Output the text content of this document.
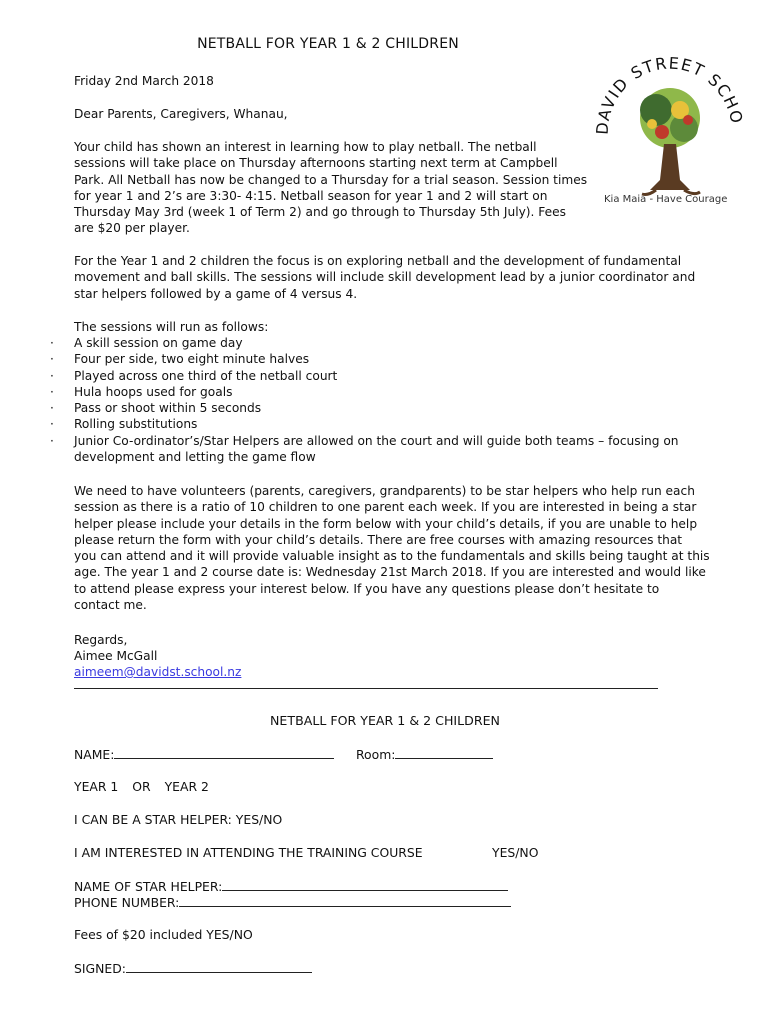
NETBALL FOR YEAR 1 & 2 CHILDREN
DAVID STREET SCHO
Kia Maia - Have Courage
Friday 2nd March 2018
Dear Parents, Caregivers, Whanau,
Your child has shown an interest in learning how to play netball. The netball
sessions will take place on Thursday afternoons starting next term at Campbell
Park. All Netball has now be changed to a Thursday for a trial season. Session times
for year 1 and 2’s are 3:30- 4:15. Netball season for year 1 and 2 will start on
Thursday May 3rd (week 1 of Term 2) and go through to Thursday 5th July). Fees
are $20 per player.
For the Year 1 and 2 children the focus is on exploring netball and the development of fundamental
movement and ball skills. The sessions will include skill development lead by a junior coordinator and
star helpers followed by a game of 4 versus 4.
The sessions will run as follows:
· A skill session on game day
· Four per side, two eight minute halves
· Played across one third of the netball court
· Hula hoops used for goals
· Pass or shoot within 5 seconds
· Rolling substitutions
· Junior Co-ordinator’s/Star Helpers are allowed on the court and will guide both teams – focusing on development and letting the game flow
We need to have volunteers (parents, caregivers, grandparents) to be star helpers who help run each
session as there is a ratio of 10 children to one parent each week. If you are interested in being a star
helper please include your details in the form below with your child’s details, if you are unable to help
please return the form with your child’s details. There are free courses with amazing resources that
you can attend and it will provide valuable insight as to the fundamentals and skills being taught at this
age. The year 1 and 2 course date is: Wednesday 21st March 2018. If you are interested and would like
to attend please express your interest below. If you have any questions please don’t hesitate to
contact me.
Regards,
Aimee McGall
aimeem@davidst.school.nz
NETBALL FOR YEAR 1 & 2 CHILDREN
NAME:	Room:
YEAR 1 OR YEAR 2
I CAN BE A STAR HELPER: YES/NO
I AM INTERESTED IN ATTENDING THE TRAINING COURSE	YES/NO
NAME OF STAR HELPER:
PHONE NUMBER:
Fees of $20 included YES/NO
SIGNED:
